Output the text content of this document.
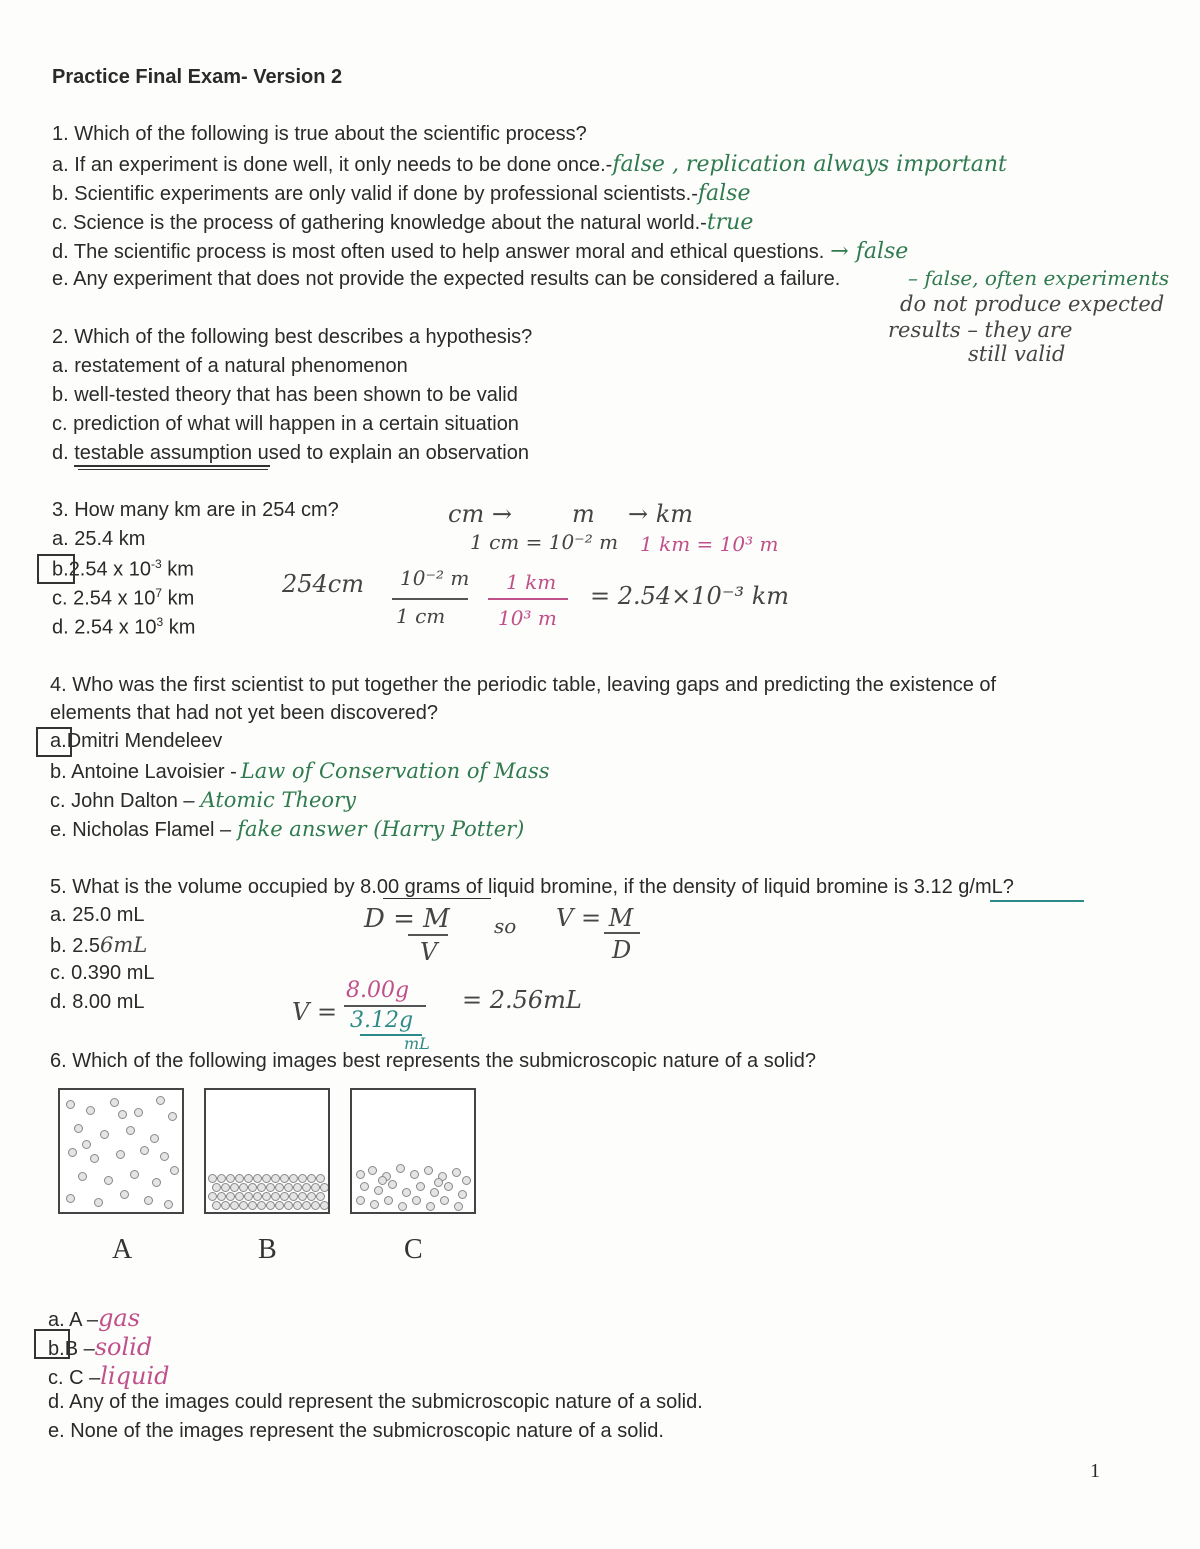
Practice Final Exam- Version 2
1. Which of the following is true about the scientific process?
a. If an experiment is done well, it only needs to be done once.-false , replication always important
b. Scientific experiments are only valid if done by professional scientists.-false
c. Science is the process of gathering knowledge about the natural world.-true
d. The scientific process is most often used to help answer moral and ethical questions. → false
e. Any experiment that does not provide the expected results can be considered a failure.	– false, often experiments
do not produce expected
results – they are
still valid
2. Which of the following best describes a hypothesis?
a. restatement of a natural phenomenon
b. well-tested theory that has been shown to be valid
c. prediction of what will happen in a certain situation
d. testable assumption used to explain an observation
3. How many km are in 254 cm?
a. 25.4 km
b.2.54 x $10^{-3}$ km
c. 2.54 x $10^7$ km
d. 2.54 x $10^3$ km
cm →	m → km
1 cm = 10⁻² m 1 km = 10³ m
254cm 10⁻² m
1 cm
1 km
10³ m
= 2.54×10⁻³ km
4. Who was the first scientist to put together the periodic table, leaving gaps and predicting the existence of
elements that had not yet been discovered?
a.Dmitri Mendeleev
b. Antoine Lavoisier - Law of Conservation of Mass
c. John Dalton – Atomic Theory
e. Nicholas Flamel – fake answer (Harry Potter)
5. What is the volume occupied by 8.00 grams of liquid bromine, if the density of liquid bromine is 3.12 g/mL?
a. 25.0 mL
b. 2.56mL
c. 0.390 mL
d. 8.00 mL
D = M
V
so V = M
D
V =
8.00g
3.12g
mL
= 2.56mL
6. Which of the following images best represents the submicroscopic nature of a solid?
A	B	C
a. A –gas
b.B –solid
c. C –liquid
d. Any of the images could represent the submicroscopic nature of a solid.
e. None of the images represent the submicroscopic nature of a solid.
1
